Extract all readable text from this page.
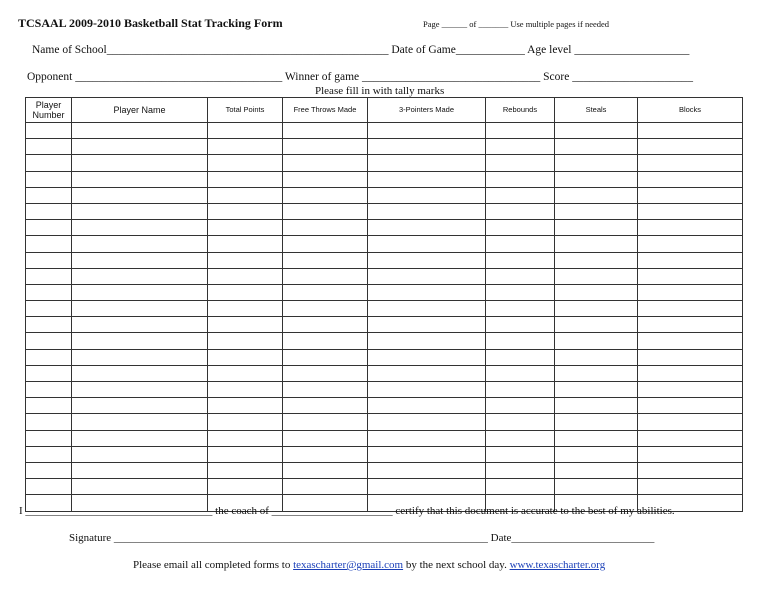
TCSAAL 2009-2010 Basketball Stat Tracking Form	Page ______ of _______ Use multiple pages if needed
Name of School_________________________________________________ Date of Game____________ Age level ____________________
Opponent ____________________________________ Winner of game _______________________________ Score _____________________
Please fill in with tally marks
Player
Number	Player Name	Total Points	Free Throws Made	3-Pointers Made	Rebounds	Steals	Blocks

I __________________________________ the coach of ______________________ certify that this document is accurate to the best of my abilities.
Signature ____________________________________________________________________ Date__________________________
Please email all completed forms to texascharter@gmail.com by the next school day. www.texascharter.org
